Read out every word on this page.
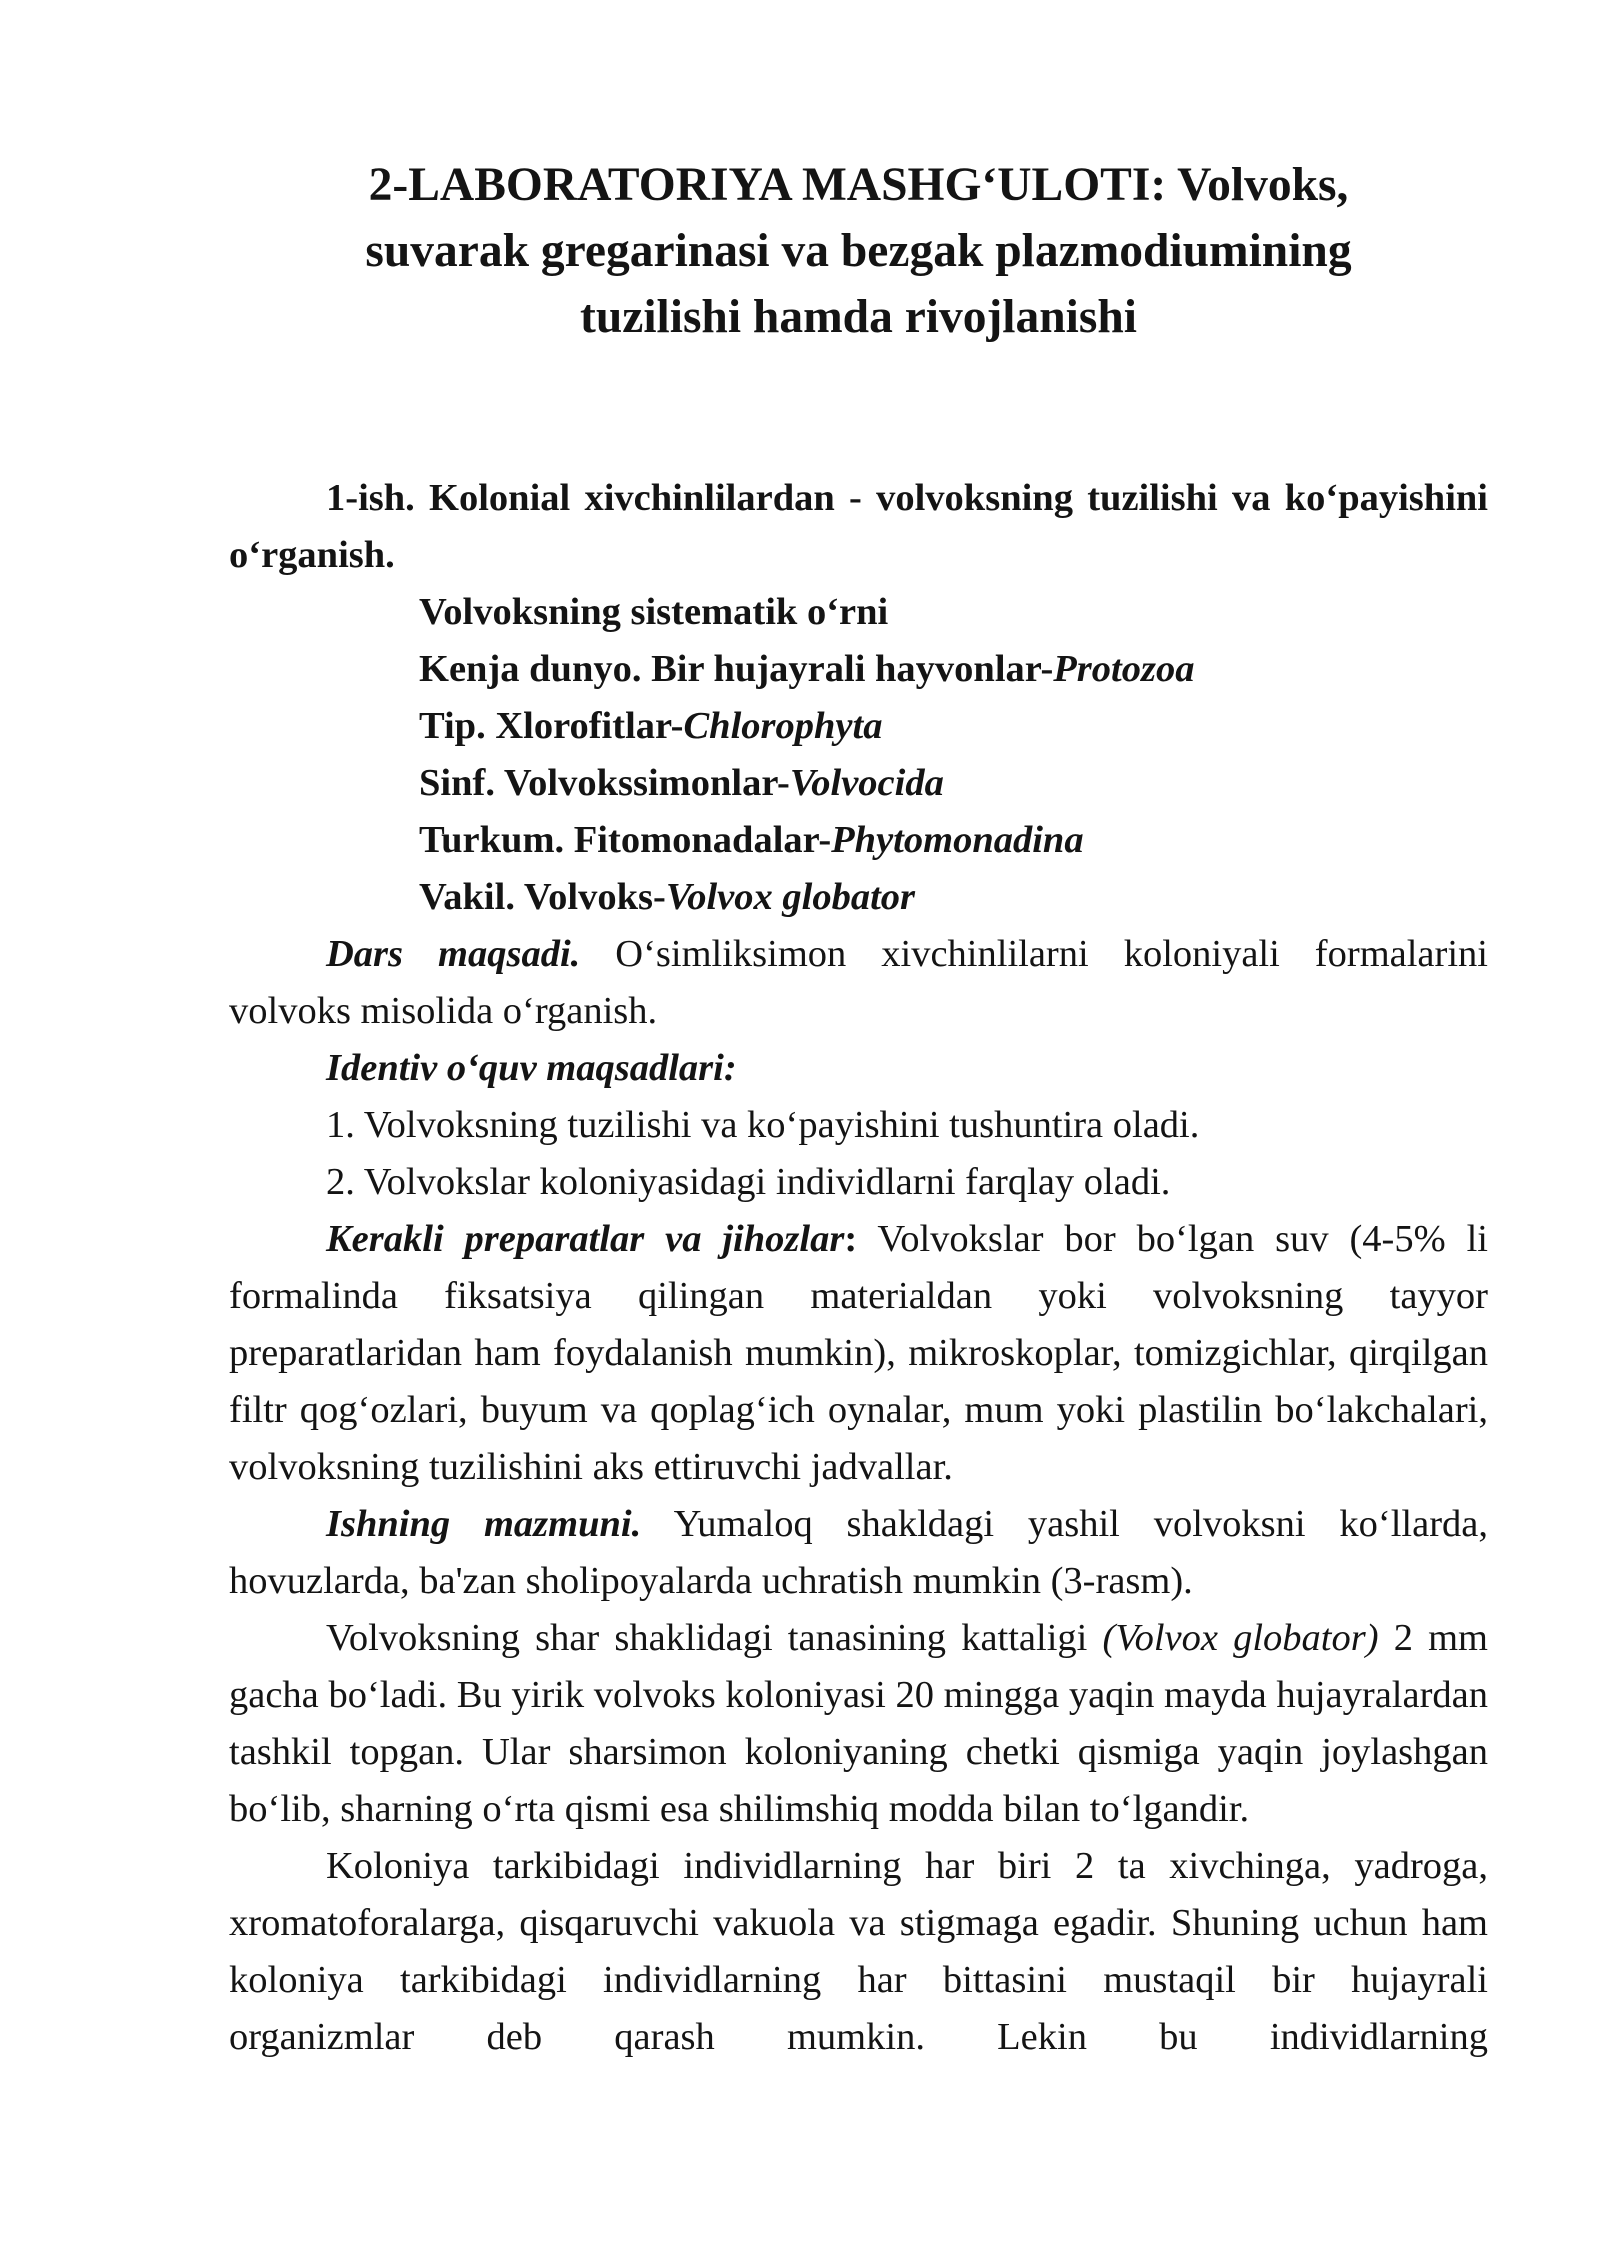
2-LABORATORIYA MASHG‘ULOTI: Volvoks,
suvarak gregarinasi va bezgak plazmodiumining
tuzilishi hamda rivojlanishi

1-ish. Kolonial xivchinlilardan - volvoksning tuzilishi va ko‘payishini o‘rganish.

Volvoksning sistematik o‘rni

Kenja dunyo. Bir hujayrali hayvonlar-Protozoa

Tip. Xlorofitlar-Chlorophyta

Sinf. Volvokssimonlar-Volvocida

Turkum. Fitomonadalar-Phytomonadina

Vakil. Volvoks-Volvox globator

Dars maqsadi. O‘simliksimon xivchinlilarni koloniyali formalarini volvoks misolida o‘rganish.

Identiv o‘quv maqsadlari:

1. Volvoksning tuzilishi va ko‘payishini tushuntira oladi.

2. Volvokslar koloniyasidagi individlarni farqlay oladi.

Kerakli preparatlar va jihozlar: Volvokslar bor bo‘lgan suv (4-5% li formalinda fiksatsiya qilingan materialdan yoki volvoksning tayyor preparatlaridan ham foydalanish mumkin), mikroskoplar, tomizgichlar, qirqilgan filtr qog‘ozlari, buyum va qoplag‘ich oynalar, mum yoki plastilin bo‘lakchalari, volvoksning tuzilishini aks ettiruvchi jadvallar.

Ishning mazmuni. Yumaloq shakldagi yashil volvoksni ko‘llarda, hovuzlarda, ba'zan sholipoyalarda uchratish mumkin (3-rasm).

Volvoksning shar shaklidagi tanasining kattaligi (Volvox globator) 2 mm gacha bo‘ladi. Bu yirik volvoks koloniyasi 20 mingga yaqin mayda hujayralardan tashkil topgan. Ular sharsimon koloniyaning chetki qismiga yaqin joylashgan bo‘lib, sharning o‘rta qismi esa shilimshiq modda bilan to‘lgandir.

Koloniya tarkibidagi individlarning har biri 2 ta xivchinga, yadroga, xromatoforalarga, qisqaruvchi vakuola va stigmaga egadir. Shuning uchun ham koloniya tarkibidagi individlarning har bittasini mustaqil bir hujayrali organizmlar deb qarash mumkin. Lekin bu individlarning
